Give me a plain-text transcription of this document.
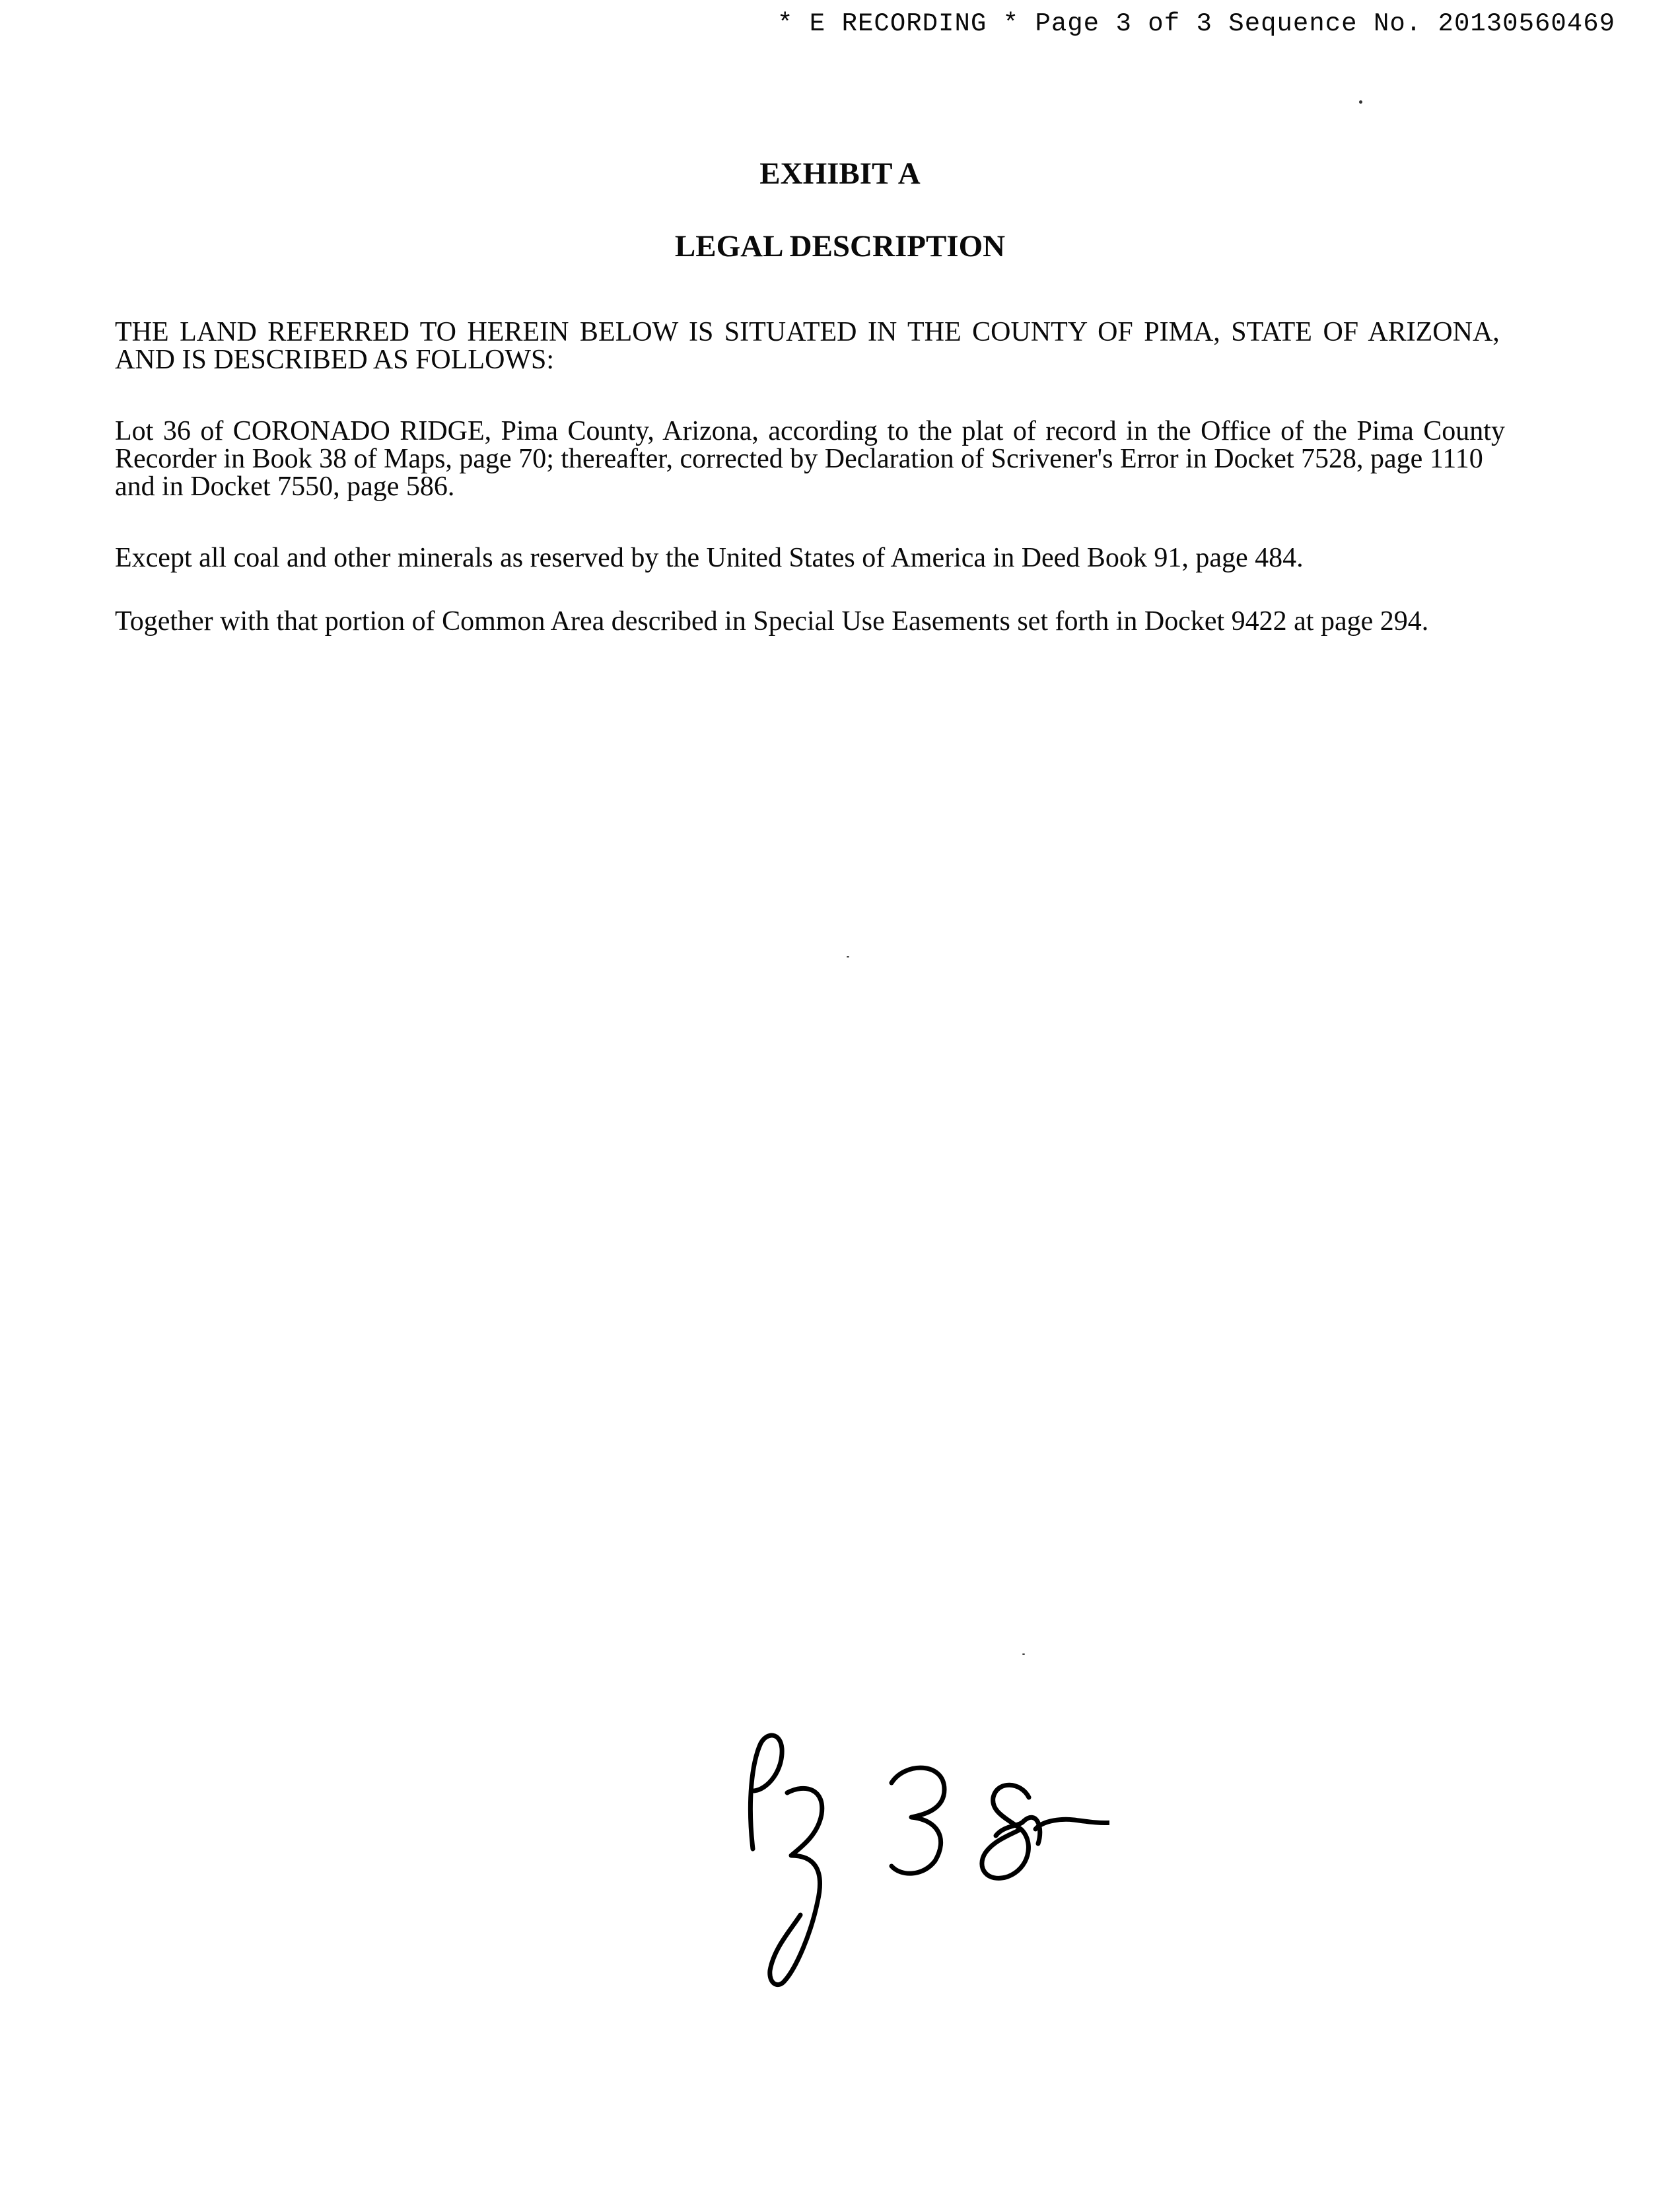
* E RECORDING * Page 3 of 3 Sequence No. 20130560469
EXHIBIT A
LEGAL DESCRIPTION
THE LAND REFERRED TO HEREIN BELOW IS SITUATED IN THE COUNTY OF PIMA, STATE OF ARIZONA,
AND IS DESCRIBED AS FOLLOWS:
Lot 36 of CORONADO RIDGE, Pima County, Arizona, according to the plat of record in the Office of the Pima County
Recorder in Book 38 of Maps, page 70; thereafter, corrected by Declaration of Scrivener's Error in Docket 7528, page 1110
and in Docket 7550, page 586.
Except all coal and other minerals as reserved by the United States of America in Deed Book 91, page 484.
Together with that portion of Common Area described in Special Use Easements set forth in Docket 9422 at page 294.
